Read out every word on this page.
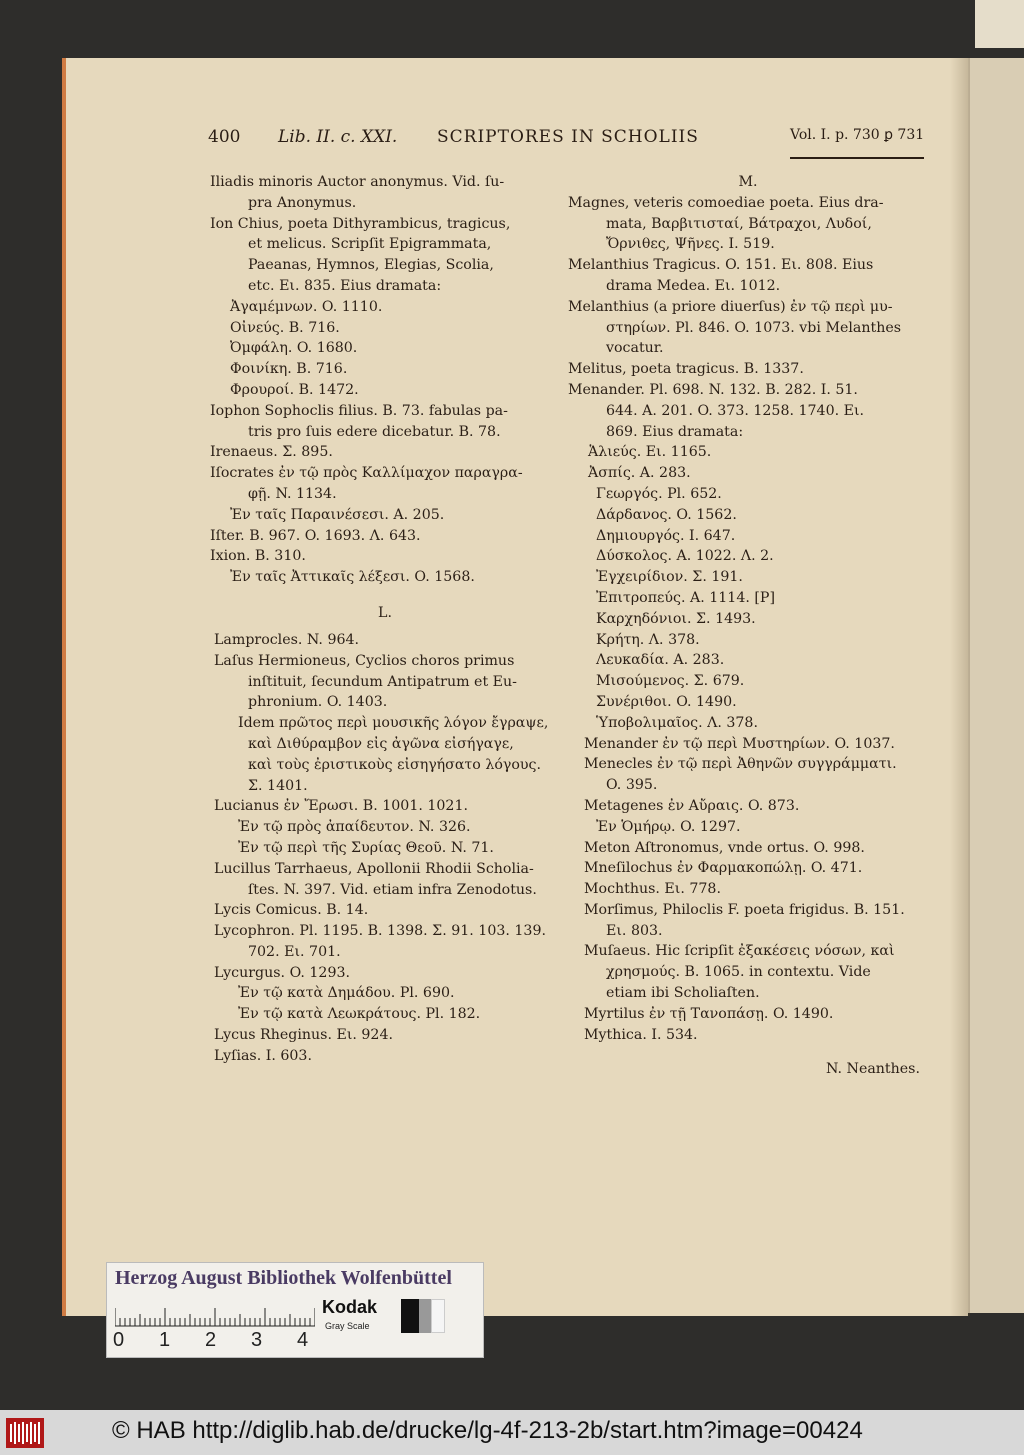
400 Lib. II. c. XXI. SCRIPTORES IN SCHOLIIS	Vol. I. p. 730 ꝑ 731
Iliadis minoris Auctor anonymus. Vid. ſu-
pra Anonymus.
Ion Chius, poeta Dithyrambicus, tragicus,
et melicus. Scripſit Epigrammata,
Paeanas, Hymnos, Elegias, Scolia,
etc. Ει. 835. Eius dramata:
Ἀγαμέμνων. O. 1110.
Οἰνεύς. B. 716.
Ὀμφάλη. O. 1680.
Φοινίκη. B. 716.
Φρουροί. B. 1472.
Iophon Sophoclis filius. B. 73. fabulas pa-
tris pro ſuis edere dicebatur. B. 78.
Irenaeus. Σ. 895.
Iſocrates ἐν τῷ πρὸς Καλλίμαχον παραγρα-
φῇ. N. 1134.
Ἐν ταῖς Παραινέσεσι. A. 205.
Iſter. B. 967. O. 1693. Λ. 643.
Ixion. B. 310.
Ἐν ταῖς Ἀττικαῖς λέξεσι. O. 1568.
L.
Lamprocles. N. 964.
Laſus Hermioneus, Cyclios choros primus
inſtituit, ſecundum Antipatrum et Eu-
phronium. O. 1403.
Idem πρῶτος περὶ μουσικῆς λόγον ἔγραψε,
καὶ Διθύραμβον εἰς ἀγῶνα εἰσήγαγε,
καὶ τοὺς ἐριστικοὺς εἰσηγήσατο λόγους.
Σ. 1401.
Lucianus ἐν Ἔρωσι. B. 1001. 1021.
Ἐν τῷ πρὸς ἀπαίδευτον. N. 326.
Ἐν τῷ περὶ τῆς Συρίας Θεοῦ. N. 71.
Lucillus Tarrhaeus, Apollonii Rhodii Scholia-
ſtes. N. 397. Vid. etiam infra Zenodotus.
Lycis Comicus. B. 14.
Lycophron. Pl. 1195. B. 1398. Σ. 91. 103. 139.
702. Ει. 701.
Lycurgus. O. 1293.
Ἐν τῷ κατὰ Δημάδου. Pl. 690.
Ἐν τῷ κατὰ Λεωκράτους. Pl. 182.
Lycus Rheginus. Ει. 924.
Lyſias. I. 603.
M.
Magnes, veteris comoediae poeta. Eius dra-
mata, Βαρβιτισταί, Βάτραχοι, Λυδοί,
Ὄρνιθες, Ψῆνες. I. 519.
Melanthius Tragicus. O. 151. Ει. 808. Eius
drama Medea. Ει. 1012.
Melanthius (a priore diuerſus) ἐν τῷ περὶ μυ-
στηρίων. Pl. 846. O. 1073. vbi Melanthes
vocatur.
Melitus, poeta tragicus. B. 1337.
Menander. Pl. 698. N. 132. B. 282. I. 51.
644. A. 201. O. 373. 1258. 1740. Ει.
869. Eius dramata:
Ἁλιεύς. Ει. 1165.
Ἀσπίς. A. 283.
Γεωργός. Pl. 652.
Δάρδανος. O. 1562.
Δημιουργός. I. 647.
Δύσκολος. A. 1022. Λ. 2.
Ἐγχειρίδιον. Σ. 191.
Ἐπιτροπεύς. A. 1114. [P]
Καρχηδόνιοι. Σ. 1493.
Κρήτη. Λ. 378.
Λευκαδία. A. 283.
Μισούμενος. Σ. 679.
Συνέριθοι. O. 1490.
Ὑποβολιμαῖος. Λ. 378.
Menander ἐν τῷ περὶ Μυστηρίων. O. 1037.
Menecles ἐν τῷ περὶ Ἀθηνῶν συγγράμματι.
O. 395.
Metagenes ἐν Αὔραις. O. 873.
Ἐν Ὁμήρῳ. O. 1297.
Meton Aſtronomus, vnde ortus. O. 998.
Mneſilochus ἐν Φαρμακοπώλῃ. O. 471.
Mochthus. Ει. 778.
Morſimus, Philoclis F. poeta frigidus. B. 151.
Ει. 803.
Muſaeus. Hic ſcripſit ἐξακέσεις νόσων, καὶ
χρησμούς. B. 1065. in contextu. Vide
etiam ibi Scholiaſten.
Myrtilus ἐν τῇ Τανοπάσῃ. O. 1490.
Mythica. I. 534.
N. Neanthes.
Herzog August Bibliothek Wolfenbüttel
0 1 2 3 4
Kodak
Gray Scale
© HAB http://diglib.hab.de/drucke/lg-4f-213-2b/start.htm?image=00424
